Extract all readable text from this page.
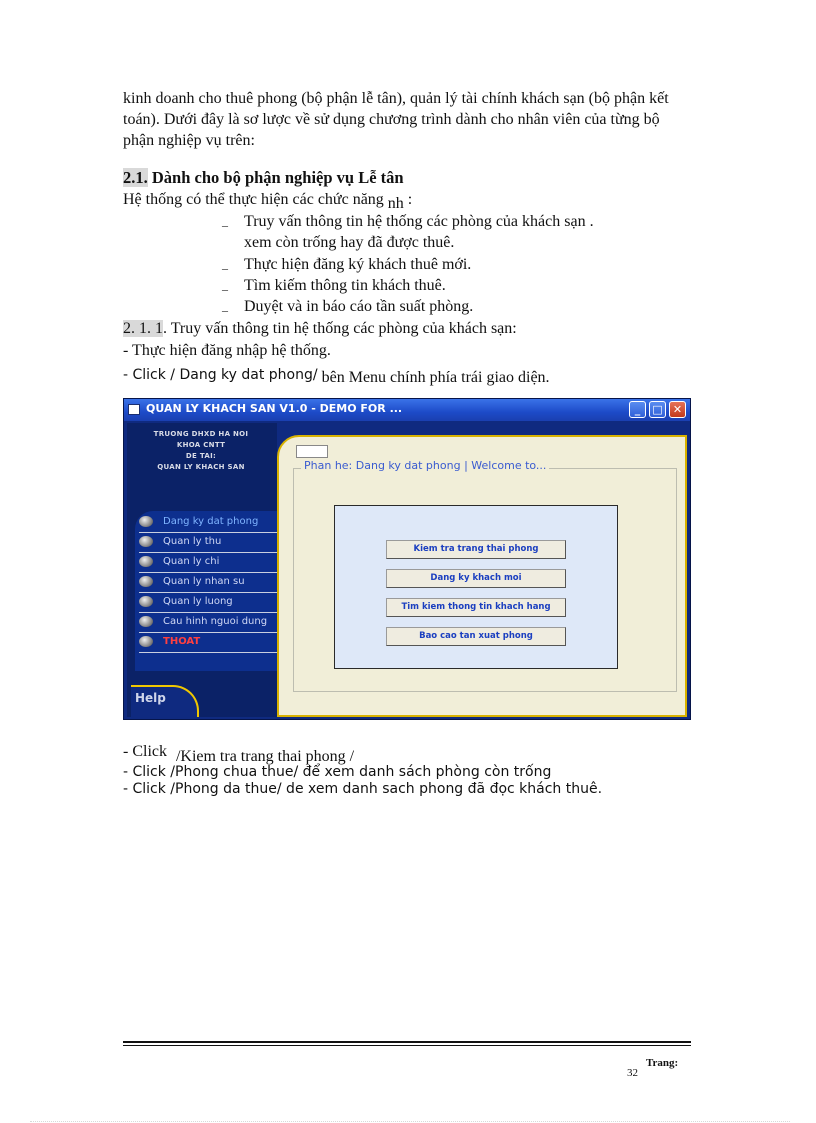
kinh doanh cho thuê phong (bộ phận lễ tân), quản lý tài chính khách sạn (bộ phận kết toán). Dưới đây là sơ lược về sử dụng chương trình dành cho nhân viên của từng bộ phận nghiệp vụ trên:
2.1. Dành cho bộ phận nghiệp vụ Lễ tân
Hệ thống có thể thực hiện các chức năng nh :
– Truy vấn thông tin hệ thống các phòng của khách sạn .
xem còn trống hay đã được thuê.
– Thực hiện đăng ký khách thuê mới.
– Tìm kiếm thông tin khách thuê.
– Duyệt và in báo cáo tần suất phòng.
2. 1. 1. Truy vấn thông tin hệ thống các phòng của khách sạn:
- Thực hiện đăng nhập hệ thống.
- Click / Dang ky dat phong/ bên Menu chính phía trái giao diện.
QUAN LY KHACH SAN V1.0 - DEMO FOR ...	_	□ ✕
TRUONG DHXD HA NOI
KHOA CNTT
DE TAI:
QUAN LY KHACH SAN
Dang ky dat phong
Quan ly thu
Quan ly chi
Quan ly nhan su
Quan ly luong
Cau hinh nguoi dung
THOAT
Help
Phan he: Dang ky dat phong | Welcome to...
Kiem tra trang thai phong
Dang ky khach moi
Tim kiem thong tin khach hang
Bao cao tan xuat phong
- Click /Kiem tra trang thai phong /
- Click /Phong chua thue/ để xem danh sách phòng còn trống
- Click /Phong da thue/ de xem danh sach phong đã đọc khách thuê.
Trang:
32
